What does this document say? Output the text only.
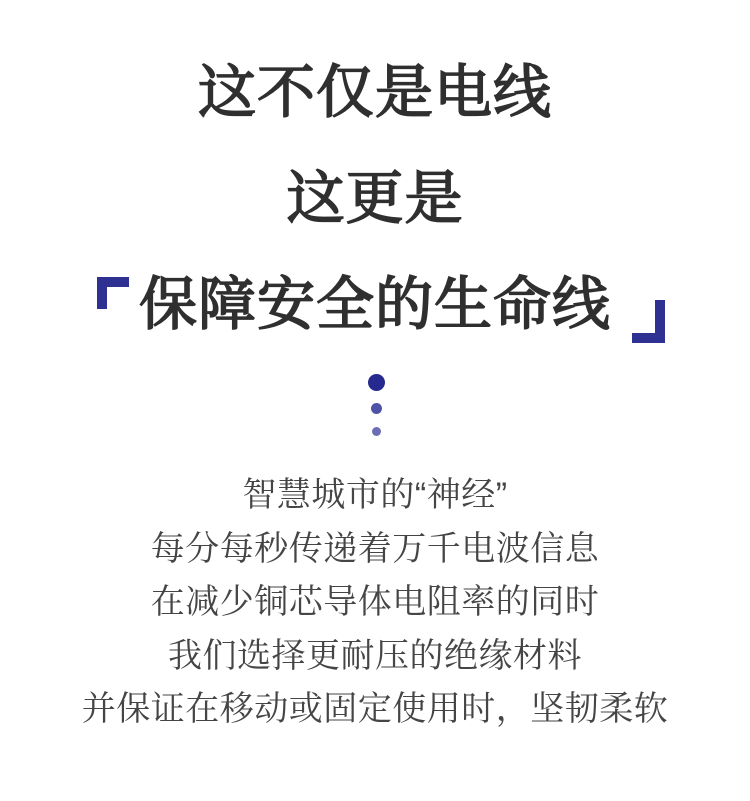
这不仅是电线
这更是
保障安全的生命线
智慧城市的“神经”
每分每秒传递着万千电波信息
在减少铜芯导体电阻率的同时
我们选择更耐压的绝缘材料
并保证在移动或固定使用时，坚韧柔软
